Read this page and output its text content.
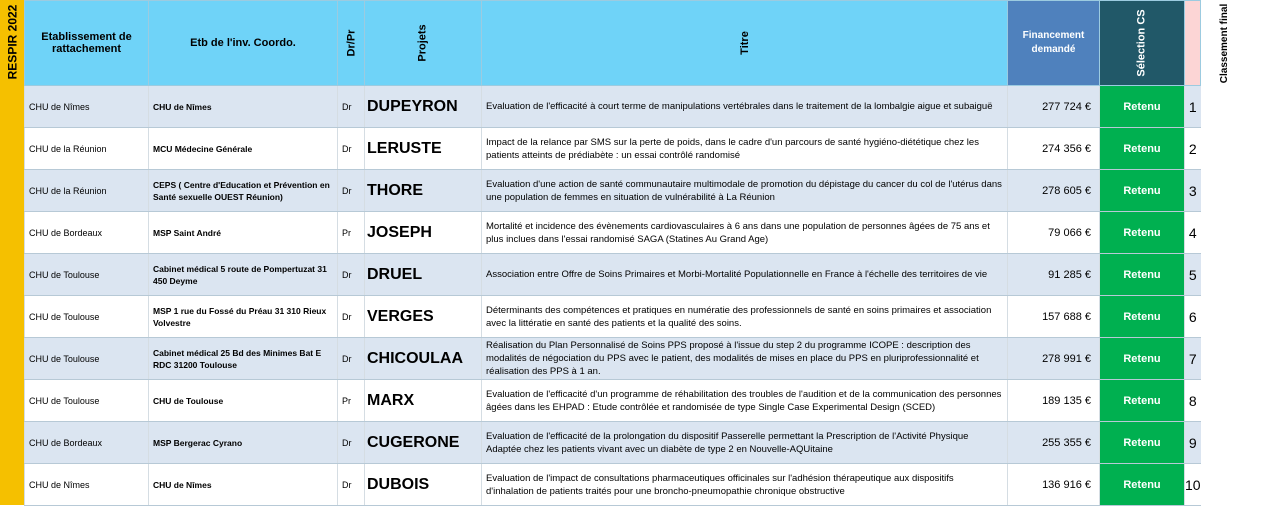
RESPIR 2022 Etablissement de rattachement	Etb de l'inv. Coordo.	Dr/Pr	Projets	Titre	Financement demandé	Sélection CS	Classement final
CHU de Nîmes	CHU de Nîmes	Dr	DUPEYRON	Evaluation de l'efficacité à court terme de manipulations vertébrales dans le traitement de la lombalgie aigue et subaiguë	277 724 €	Retenu	1
CHU de la Réunion	MCU Médecine Générale	Dr	LERUSTE	Impact de la relance par SMS sur la perte de poids, dans le cadre d'un parcours de santé hygiéno-diététique chez les patients atteints de prédiabète : un essai contrôlé randomisé	274 356 €	Retenu	2
CHU de la Réunion	CEPS ( Centre d'Education et Prévention en Santé sexuelle OUEST Réunion)	Dr	THORE	Evaluation d'une action de santé communautaire multimodale de promotion du dépistage du cancer du col de l'utérus dans une population de femmes en situation de vulnérabilité à La Réunion	278 605 €	Retenu	3
CHU de Bordeaux	MSP Saint André	Pr	JOSEPH	Mortalité et incidence des évènements cardiovasculaires à 6 ans dans une population de personnes âgées de 75 ans et plus inclues dans l'essai randomisé SAGA (Statines Au Grand Age)	79 066 €	Retenu	4
CHU de Toulouse	Cabinet médical 5 route de Pompertuzat 31 450 Deyme	Dr	DRUEL	Association entre Offre de Soins Primaires et Morbi-Mortalité Populationnelle en France à l'échelle des territoires de vie	91 285 €	Retenu	5
CHU de Toulouse	MSP 1 rue du Fossé du Préau 31 310 Rieux Volvestre	Dr	VERGES	Déterminants des compétences et pratiques en numératie des professionnels de santé en soins primaires et association avec la littératie en santé des patients et la qualité des soins.	157 688 €	Retenu	6
CHU de Toulouse	Cabinet médical 25 Bd des Minimes Bat E RDC 31200 Toulouse	Dr	CHICOULAA	Réalisation du Plan Personnalisé de Soins PPS proposé à l'issue du step 2 du programme ICOPE : description des modalités de négociation du PPS avec le patient, des modalités de mises en place du PPS en pluriprofessionnalité et réalisation des PPS à 1 an.	278 991 €	Retenu	7
CHU de Toulouse	CHU de Toulouse	Pr	MARX	Evaluation de l'efficacité d'un programme de réhabilitation des troubles de l'audition et de la communication des personnes âgées dans les EHPAD : Etude contrôlée et randomisée de type Single Case Experimental Design (SCED)	189 135 €	Retenu	8
CHU de Bordeaux	MSP Bergerac Cyrano	Dr	CUGERONE	Evaluation de l'efficacité de la prolongation du dispositif Passerelle permettant la Prescription de l'Activité Physique Adaptée chez les patients vivant avec un diabète de type 2 en Nouvelle-AQUitaine	255 355 €	Retenu	9
CHU de Nîmes	CHU de Nîmes	Dr	DUBOIS	Evaluation de l'impact de consultations pharmaceutiques officinales sur l'adhésion thérapeutique aux dispositifs d'inhalation de patients traités pour une broncho-pneumopathie chronique obstructive	136 916 €	Retenu	10
